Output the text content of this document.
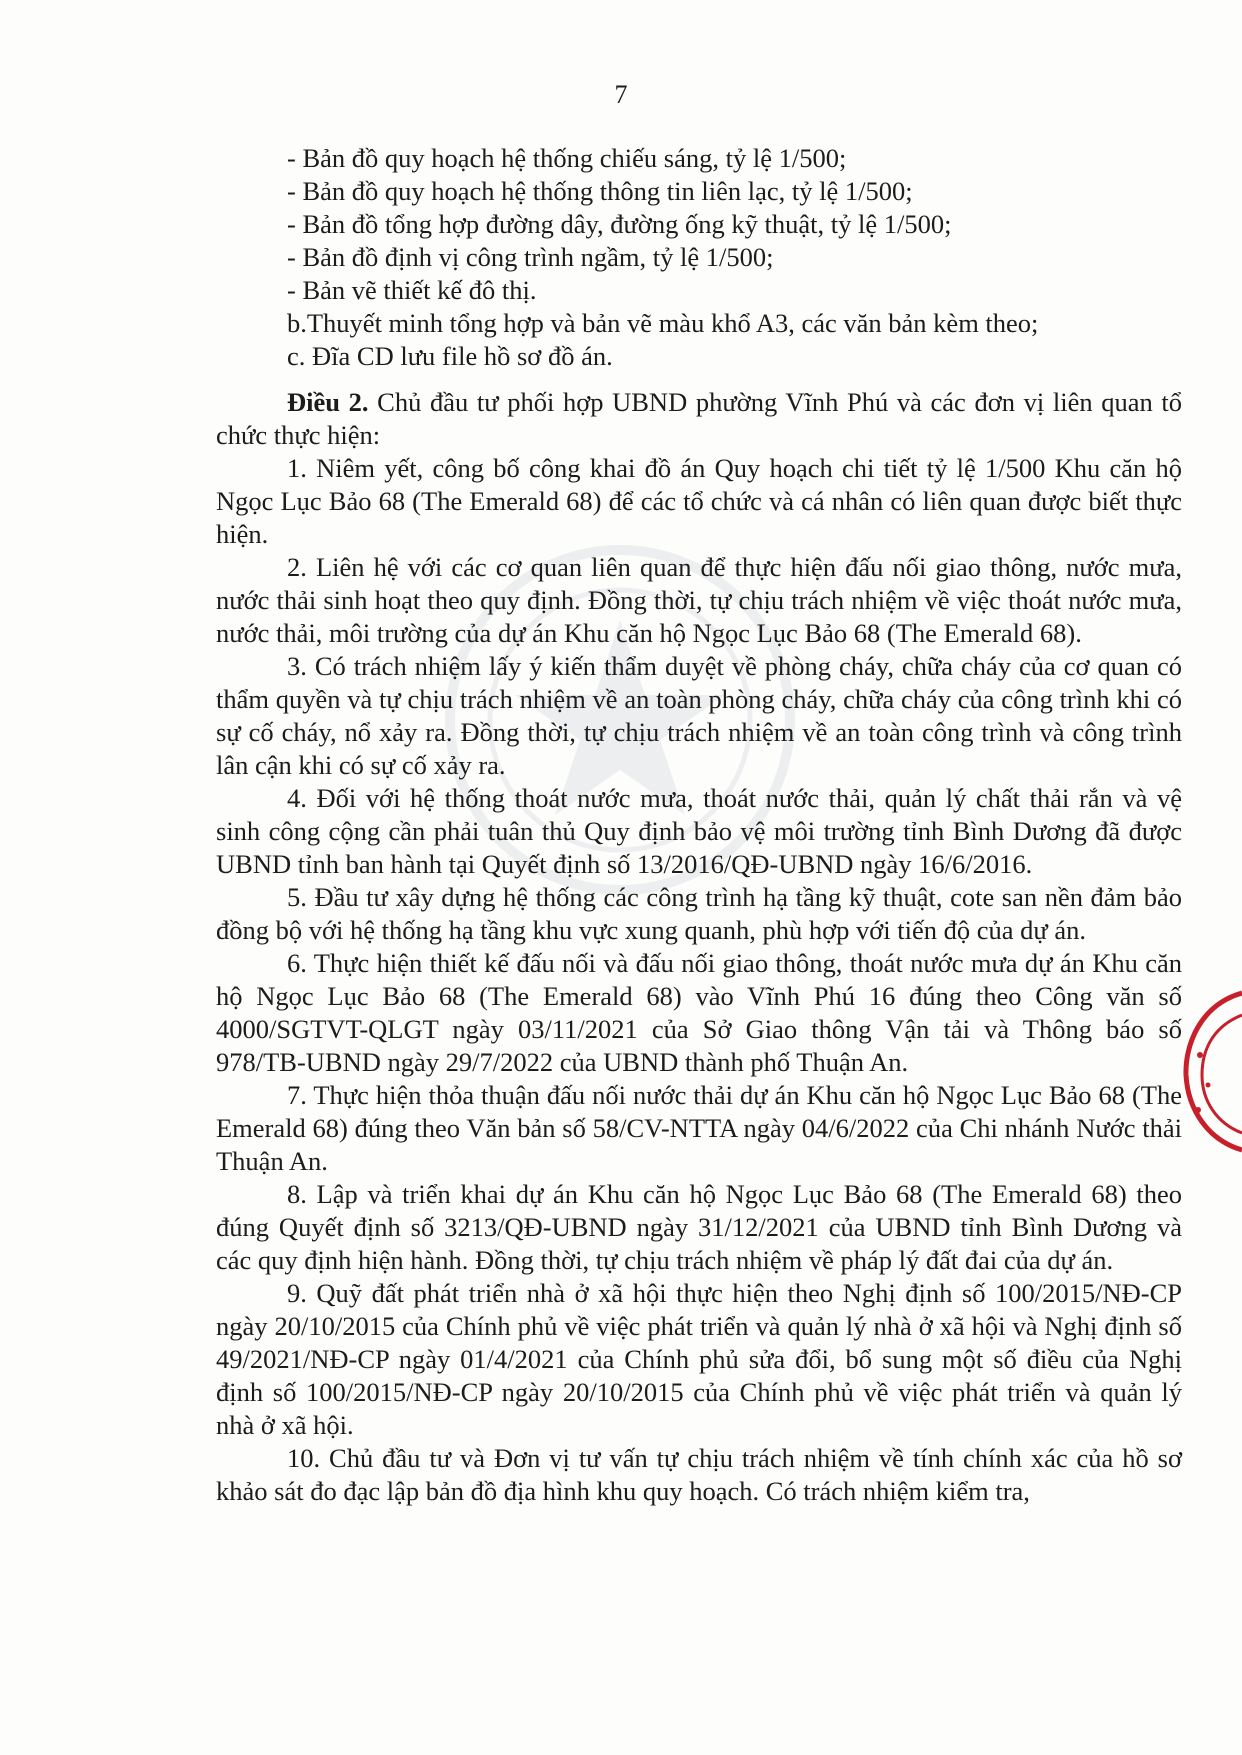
7
- Bản đồ quy hoạch hệ thống chiếu sáng, tỷ lệ 1/500;
- Bản đồ quy hoạch hệ thống thông tin liên lạc, tỷ lệ 1/500;
- Bản đồ tổng hợp đường dây, đường ống kỹ thuật, tỷ lệ 1/500;
- Bản đồ định vị công trình ngầm, tỷ lệ 1/500;
- Bản vẽ thiết kế đô thị.
b.Thuyết minh tổng hợp và bản vẽ màu khổ A3, các văn bản kèm theo;
c. Đĩa CD lưu file hồ sơ đồ án.
Điều 2. Chủ đầu tư phối hợp UBND phường Vĩnh Phú và các đơn vị liên quan tổ chức thực hiện:
1. Niêm yết, công bố công khai đồ án Quy hoạch chi tiết tỷ lệ 1/500 Khu căn hộ Ngọc Lục Bảo 68 (The Emerald 68) để các tổ chức và cá nhân có liên quan được biết thực hiện.
2. Liên hệ với các cơ quan liên quan để thực hiện đấu nối giao thông, nước mưa, nước thải sinh hoạt theo quy định. Đồng thời, tự chịu trách nhiệm về việc thoát nước mưa, nước thải, môi trường của dự án Khu căn hộ Ngọc Lục Bảo 68 (The Emerald 68).
3. Có trách nhiệm lấy ý kiến thẩm duyệt về phòng cháy, chữa cháy của cơ quan có thẩm quyền và tự chịu trách nhiệm về an toàn phòng cháy, chữa cháy của công trình khi có sự cố cháy, nổ xảy ra. Đồng thời, tự chịu trách nhiệm về an toàn công trình và công trình lân cận khi có sự cố xảy ra.
4. Đối với hệ thống thoát nước mưa, thoát nước thải, quản lý chất thải rắn và vệ sinh công cộng cần phải tuân thủ Quy định bảo vệ môi trường tỉnh Bình Dương đã được UBND tỉnh ban hành tại Quyết định số 13/2016/QĐ-UBND ngày 16/6/2016.
5. Đầu tư xây dựng hệ thống các công trình hạ tầng kỹ thuật, cote san nền đảm bảo đồng bộ với hệ thống hạ tầng khu vực xung quanh, phù hợp với tiến độ của dự án.
6. Thực hiện thiết kế đấu nối và đấu nối giao thông, thoát nước mưa dự án Khu căn hộ Ngọc Lục Bảo 68 (The Emerald 68) vào Vĩnh Phú 16 đúng theo Công văn số 4000/SGTVT-QLGT ngày 03/11/2021 của Sở Giao thông Vận tải và Thông báo số 978/TB-UBND ngày 29/7/2022 của UBND thành phố Thuận An.
7. Thực hiện thỏa thuận đấu nối nước thải dự án Khu căn hộ Ngọc Lục Bảo 68 (The Emerald 68) đúng theo Văn bản số 58/CV-NTTA ngày 04/6/2022 của Chi nhánh Nước thải Thuận An.
8. Lập và triển khai dự án Khu căn hộ Ngọc Lục Bảo 68 (The Emerald 68) theo đúng Quyết định số 3213/QĐ-UBND ngày 31/12/2021 của UBND tỉnh Bình Dương và các quy định hiện hành. Đồng thời, tự chịu trách nhiệm về pháp lý đất đai của dự án.
9. Quỹ đất phát triển nhà ở xã hội thực hiện theo Nghị định số 100/2015/NĐ-CP ngày 20/10/2015 của Chính phủ về việc phát triển và quản lý nhà ở xã hội và Nghị định số 49/2021/NĐ-CP ngày 01/4/2021 của Chính phủ sửa đổi, bổ sung một số điều của Nghị định số 100/2015/NĐ-CP ngày 20/10/2015 của Chính phủ về việc phát triển và quản lý nhà ở xã hội.
10. Chủ đầu tư và Đơn vị tư vấn tự chịu trách nhiệm về tính chính xác của hồ sơ khảo sát đo đạc lập bản đồ địa hình khu quy hoạch. Có trách nhiệm kiểm tra,
